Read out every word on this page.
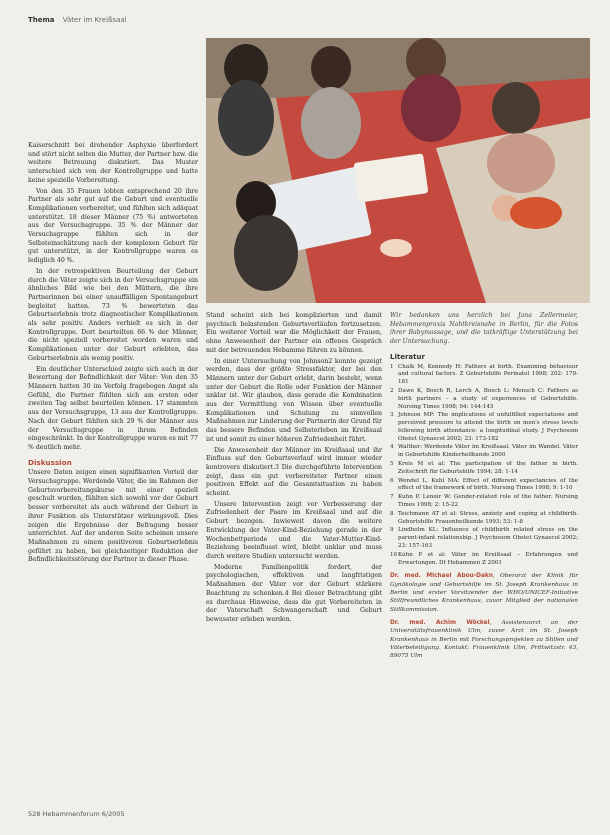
Thema Väter im Kreißsaal

Kaiserschnitt bei drohender Asphyxie überfordert und stört nicht selten die Mutter, der Partner bzw. die weitere Betreuung diskutiert. Das Muster unterschied sich von der Kontrollgruppe und hatte keine spezielle Vorbereitung.

Von den 35 Frauen lobten entsprechend 20 ihre Partner als sehr gut auf die Geburt und eventuelle Komplikationen vorbereitet, und fühlten sich adäquat unterstützt. 18 dieser Männer (75 %) antworteten aus der Versuchsgruppe. 35 % der Männer der Versuchsgruppe fühlten sich in der Selbsteinschätzung nach der komplexen Geburt für gut unterstützt, in der Kontrollgruppe waren es lediglich 40 %.

In der retrospektiven Beurteilung der Geburt durch die Väter zeigte sich in der Versuchsgruppe ein ähnliches Bild wie bei den Müttern, die ihre Partnerinnen bei einer unauffälligen Spontangeburt begleitet hatten. 73 % bewerteten das Geburtserlebnis trotz diagnostischer Komplikationen als sehr positiv. Anders verhielt es sich in der Kontrollgruppe. Dort beurteilten 66 % der Männer, die nicht speziell vorbereitet worden waren und Komplikationen unter der Geburt erlebten, das Geburtserlebnis als wenig positiv.

Ein deutlicher Unterschied zeigte sich auch in der Bewertung der Befindlichkeit der Väter: Von den 35 Männern hatten 30 im Verfolg fragebogen Angst als Gefühl, die Partner fühlten sich am ersten oder zweiten Tag selbst beurteilen können. 17 stammten aus der Versuchsgruppe, 13 aus der Kontrollgruppe. Nach der Geburt fühlten sich 29 % der Männer aus der Versuchsgruppe in ihrem Befinden eingeschränkt. In der Kontrollgruppe waren es mit 77 % deutlich mehr.

Diskussion

Unsere Daten zeigen einen signifikanten Vorteil der Versuchsgruppe. Werdende Väter, die im Rahmen der Geburtsvorbereitungskurse mit einer speziell geschult wurden, fühlten sich sowohl vor der Geburt besser vorbereitet als auch während der Geburt in ihrer Funktion als Unterstützer wirkungsvoll. Dies zeigen die Ergebnisse der Befragung besser unterrichtet. Auf der anderen Seite scheinen unsere Maßnahmen zu einem positiveren Geburtserlebnis geführt zu haben, bei gleichzeitiger Reduktion der Befindlichkeitsstörung der Partner in dieser Phase.

Stand scheint sich bei komplizierten und damit psychisch belastenden Geburtsverläufen fortzusetzen. Ein weiterer Vorteil war die Möglichkeit der Frauen, ohne Anwesenheit der Partner ein offenes Gespräch mit der betreuenden Hebamme führen zu können.

In einer Untersuchung von Johnson2 konnte gezeigt werden, dass der größte Stressfaktor, der bei den Männern unter der Geburt erlebt, darin besteht, wenn unter der Geburt die Rolle oder Funktion der Männer unklar ist. Wir glauben, dass gerade die Kombination aus der Vermittlung von Wissen über eventuelle Komplikationen und Schulung zu sinnvollen Maßnahmen zur Linderung der Partnerin der Grund für das bessere Befinden und Selbsterleben im Kreißsaal ist und somit zu einer höheren Zufriedenheit führt.

Die Anwesenheit der Männer im Kreißsaal und ihr Einfluss auf den Geburtsverlauf wird immer wieder kontrovers diskutiert.3 Die durchgeführte Intervention zeigt, dass ein gut vorbereiteter Partner einen positiven Effekt auf die Gesamtsituation zu haben scheint.

Unsere Intervention zeigt vor Verbesserung der Zufriedenheit der Paare im Kreißsaal und auf die Geburt bezogen. Inwieweit davon die weitere Entwicklung der Vater-Kind-Beziehung gerade in der Wochenbettperiode und die Vater-Mutter-Kind-Beziehung beeinflusst wird, bleibt unklar und muss durch weitere Studien untersucht werden.

Moderne Familienpolitik fordert, der psychologischen, effektiven und langfristigen Maßnahmen der Väter vor der Geburt stärkere Beachtung zu schenken.4 Bei dieser Betrachtung gibt es durchaus Hinweise, dass die gut Vorbereiteten in der Vaterschaft Schwangerschaft und Geburt bewusster erleben werden.

Wir bedanken uns herzlich bei Jana Zellermeier, Hebammenpraxis Nahtkreisnahe in Berlin, für die Fotos ihrer Babymassage, und die tatkräftige Unterstützung bei der Untersuchung.

Literatur
1 Chalk M, Kennedy H: Fathers at birth. Examining behaviour and cultural factors. Z Geburtshilfe Perinatol 1998; 202: 179-181
2 Dawe K, Bosch R, Lerch A, Bosch L: Mensch C: Fathers as birth partners – a study of experiences of Geburtshilfe. Nursing Times 1998; 94: 144-145
3 Johnson MP: The implications of unfulfilled expectations and perceived pressure to attend the birth on men's stress levels following birth attendance: a longitudinal study. J Psychosom Obstet Gynaecol 2002; 23: 173-182
4 Walther: Werdende Väter im Kreißsaal. Väter im Wandel. Väter in Geburtshilfe Kinderheilkunde 2000
5 Kreis M et al: The participation of the father in birth. Zeitschrift für Geburtshilfe 1994; 28: 1-14
6 Wendel L, Kuhl MA: Effect of different expectancies of the effect of the framework of birth. Nursing Times 1998; 9: 1-10
7 Kuhn P, Lenoir W: Gender-related role of the father. Nursing Times 1998; 2: 15-22
8 Teichmann AT et al: Stress, anxiety and coping at childbirth. Geburtshilfe Frauenheilkunde 1993; 53: 1-8
9 Lindholm KL: Influence of childbirth related stress on the parent-infant relationship. J Psychosom Obstet Gynaecol 2002; 23: 157-163
10 Kuhn P et al: Väter im Kreißsaal – Erfahrungen und Erwartungen. Dt Hebammen Z 2001
Dr. med. Michael Abou-Dakn, Oberarzt der Klinik für Gynäkologie und Geburtshilfe im St. Joseph Krankenhaus in Berlin und erster Vorsitzender der WHO/UNICEF-Initiative Stillfreundliches Krankenhaus, zuvor Mitglied der nationalen Stillkommission.
Dr. med. Achim Wöckel, Assistenzarzt an der Universitätsfrauenklinik Ulm, zuvor Arzt im St. Joseph Krankenhaus in Berlin mit Forschungsprojekten zu Stillen und Väterbeteiligung. Kontakt: Frauenklinik Ulm, Prittwitzstr. 43, 89075 Ulm
528 Hebammenforum 6/2005
